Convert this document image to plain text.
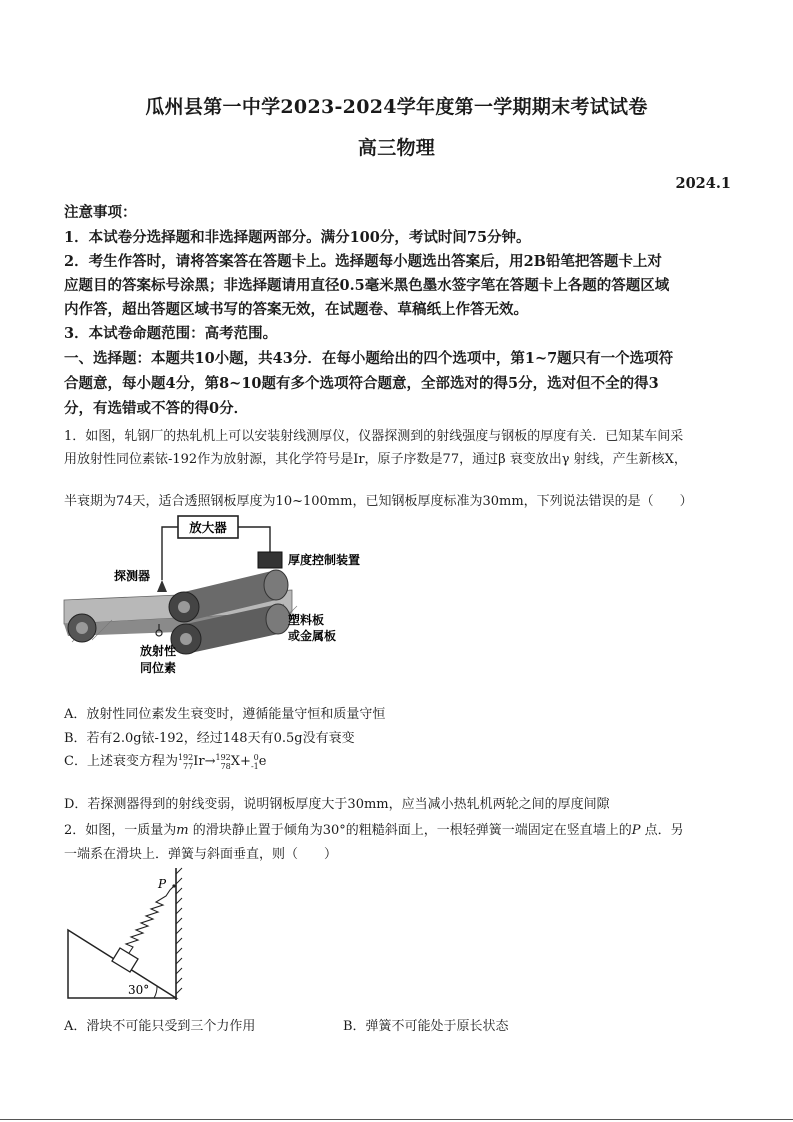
瓜州县第一中学2023-2024学年度第一学期期末考试试卷
高三物理
2024.1
注意事项：
1．本试卷分选择题和非选择题两部分。满分100分，考试时间75分钟。
2．考生作答时，请将答案答在答题卡上。选择题每小题选出答案后，用2B铅笔把答题卡上对
应题目的答案标号涂黑；非选择题请用直径0.5毫米黑色墨水签字笔在答题卡上各题的答题区域
内作答，超出答题区域书写的答案无效，在试题卷、草稿纸上作答无效。
3．本试卷命题范围：高考范围。
一、选择题：本题共10小题，共43分．在每小题给出的四个选项中，第1~7题只有一个选项符
合题意，每小题4分，第8~10题有多个选项符合题意，全部选对的得5分，选对但不全的得3
分，有选错或不答的得0分．
1．如图，轧钢厂的热轧机上可以安装射线测厚仪，仪器探测到的射线强度与钢板的厚度有关．已知某车间采
用放射性同位素铱-192作为放射源，其化学符号是Ir，原子序数是77，通过β 衰变放出γ 射线，产生新核X，
半衰期为74天，适合透照钢板厚度为10~100mm，已知钢板厚度标准为30mm，下列说法错误的是（　　）
放大器
厚度控制装置
探测器
放射性
同位素
塑料板
或金属板
A．放射性同位素发生衰变时，遵循能量守恒和质量守恒
B．若有2.0g铱-192，经过148天有0.5g没有衰变
C．上述衰变方程为 192
77 Ir→ 192
78 X+ 0
-1 e
D．若探测器得到的射线变弱，说明钢板厚度大于30mm，应当减小热轧机两轮之间的厚度间隙
2．如图，一质量为m 的滑块静止置于倾角为30°的粗糙斜面上，一根轻弹簧一端固定在竖直墙上的P 点．另
一端系在滑块上．弹簧与斜面垂直，则（　　）
30°
P
A．滑块不可能只受到三个力作用	B．弹簧不可能处于原长状态
